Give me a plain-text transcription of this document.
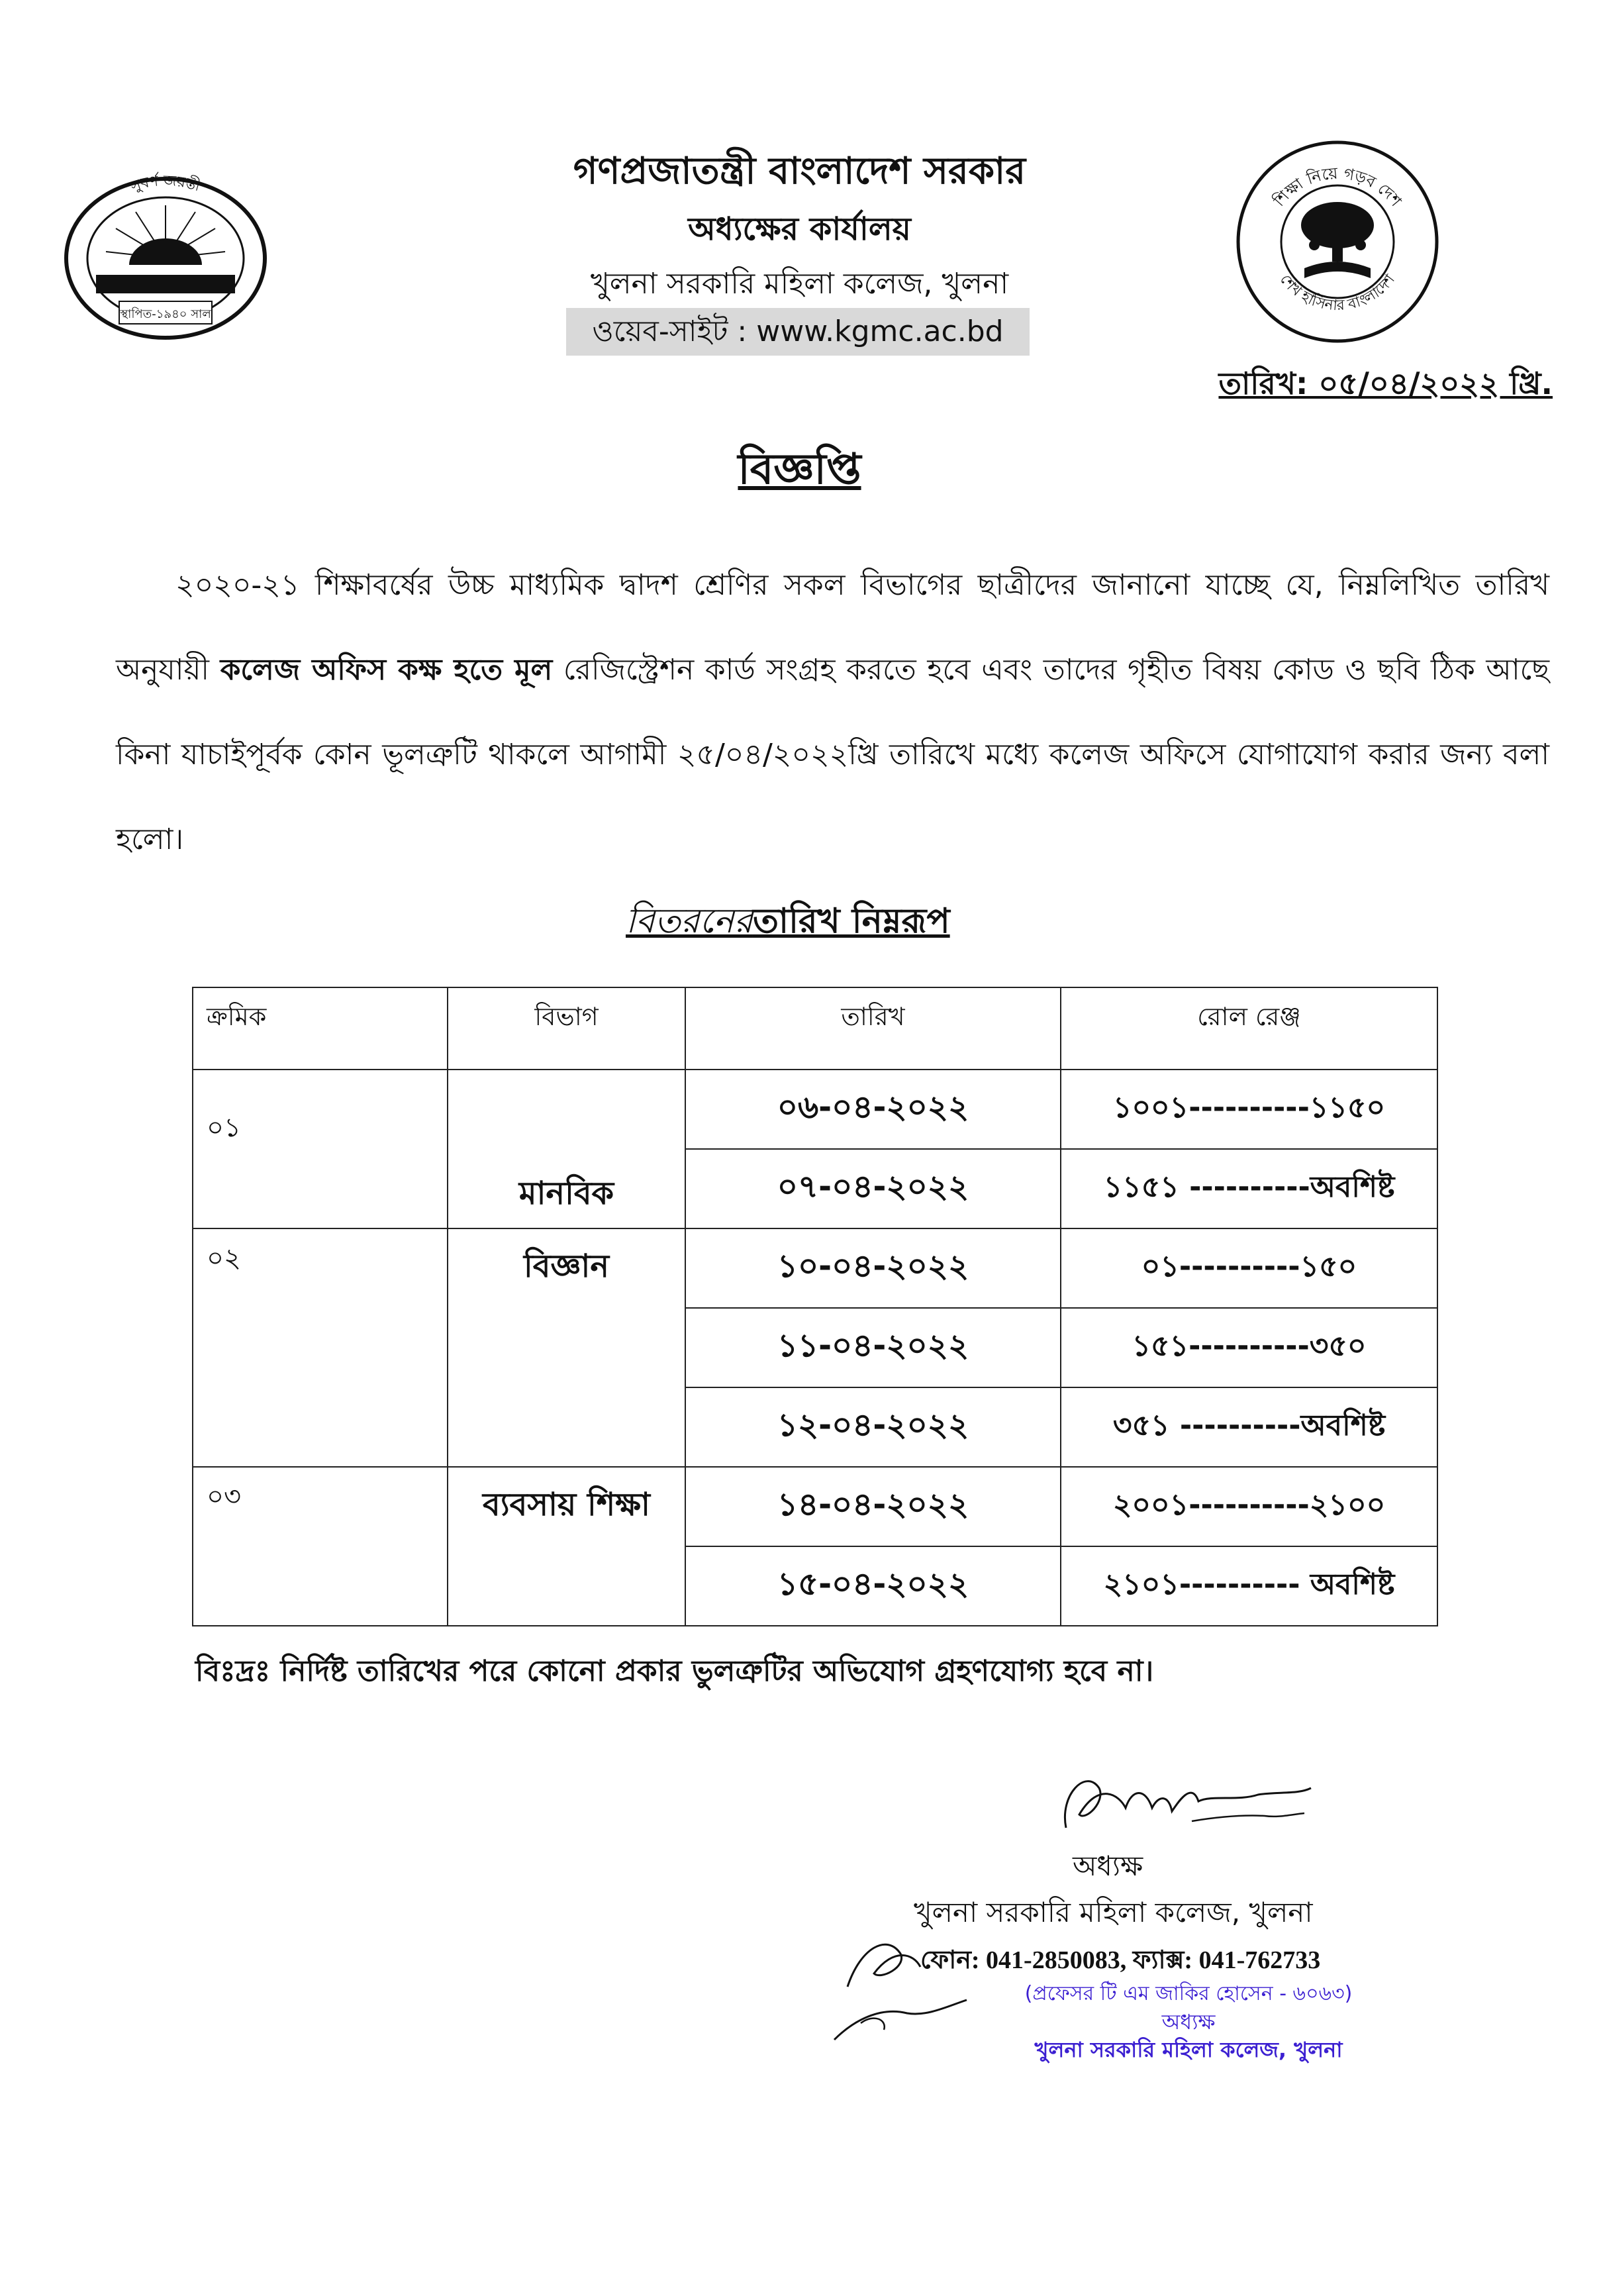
সুবর্ণ জয়ন্তী
স্থাপিত-১৯৪০ সাল
শিক্ষা নিয়ে গড়ব দেশ
শেখ হাসিনার বাংলাদেশ
গণপ্রজাতন্ত্রী বাংলাদেশ সরকার
অধ্যক্ষের কার্যালয়
খুলনা সরকারি মহিলা কলেজ, খুলনা
ওয়েব-সাইট : www.kgmc.ac.bd
তারিখ: ০৫/০৪/২০২২ খ্রি.
বিজ্ঞপ্তি
২০২০-২১ শিক্ষাবর্ষের উচ্চ মাধ্যমিক দ্বাদশ শ্রেণির সকল বিভাগের ছাত্রীদের জানানো যাচ্ছে যে, নিম্নলিখিত তারিখ অনুযায়ী কলেজ অফিস কক্ষ হতে মূল রেজিস্ট্রেশন কার্ড সংগ্রহ করতে হবে এবং তাদের গৃহীত বিষয় কোড ও ছবি ঠিক আছে কিনা যাচাইপূর্বক কোন ভূলত্রুটি থাকলে আগামী ২৫/০৪/২০২২খ্রি তারিখে মধ্যে কলেজ অফিসে যোগাযোগ করার জন্য বলা হলো।
বিতরনেরতারিখ নিম্নরূপ
ক্রমিক	বিভাগ	তারিখ	রোল রেঞ্জ

০১	মানবিক	০৬-০৪-২০২২	১০০১----------১১৫০
		০৭-০৪-২০২২	১১৫১ ----------অবশিষ্ট

০২	বিজ্ঞান	১০-০৪-২০২২	০১----------১৫০
		১১-০৪-২০২২	১৫১----------৩৫০
		১২-০৪-২০২২	৩৫১ ----------অবশিষ্ট

০৩	ব্যবসায় শিক্ষা	১৪-০৪-২০২২	২০০১----------২১০০
		১৫-০৪-২০২২	২১০১---------- অবশিষ্ট
বিঃদ্রঃ নির্দিষ্ট তারিখের পরে কোনো প্রকার ভুলত্রুটির অভিযোগ গ্রহণযোগ্য হবে না।
অধ্যক্ষ
খুলনা সরকারি মহিলা কলেজ, খুলনা
ফোন: 041-2850083, ফ্যাক্স: 041-762733
(প্রফেসর টি এম জাকির হোসেন - ৬০৬৩)
অধ্যক্ষ
খুলনা সরকারি মহিলা কলেজ, খুলনা
